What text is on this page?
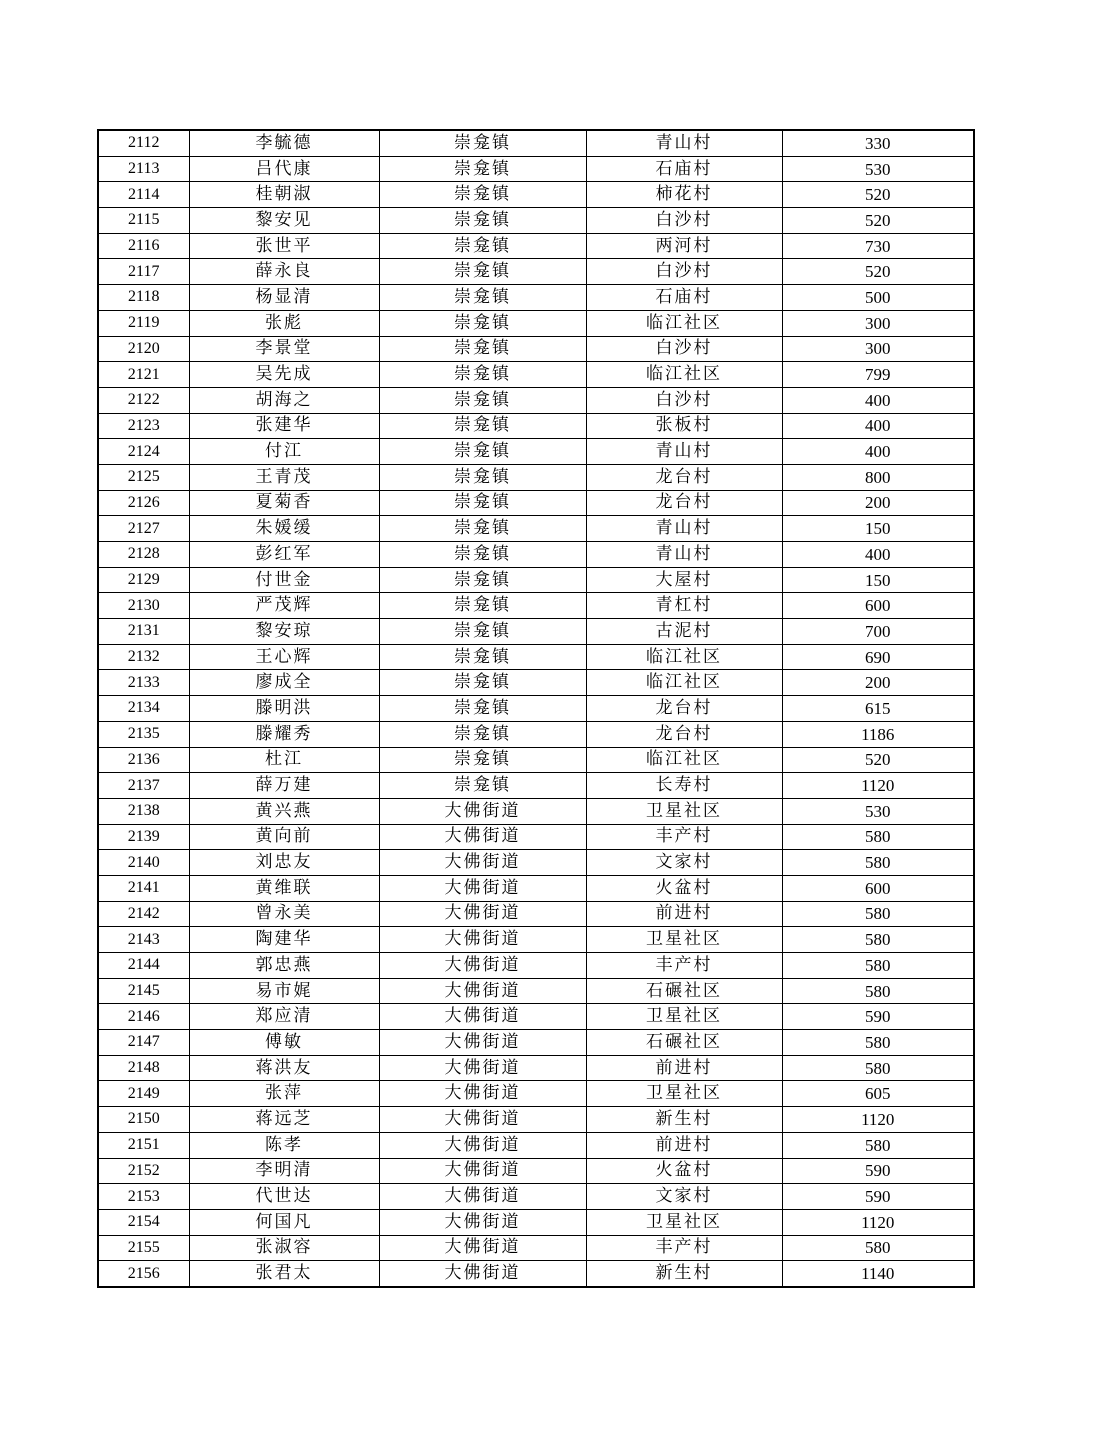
2112	李毓德	崇龛镇	青山村	330
2113	吕代康	崇龛镇	石庙村	530
2114	桂朝淑	崇龛镇	柿花村	520
2115	黎安见	崇龛镇	白沙村	520
2116	张世平	崇龛镇	两河村	730
2117	薛永良	崇龛镇	白沙村	520
2118	杨显清	崇龛镇	石庙村	500
2119	张彪	崇龛镇	临江社区	300
2120	李景堂	崇龛镇	白沙村	300
2121	吴先成	崇龛镇	临江社区	799
2122	胡海之	崇龛镇	白沙村	400
2123	张建华	崇龛镇	张板村	400
2124	付江	崇龛镇	青山村	400
2125	王青茂	崇龛镇	龙台村	800
2126	夏菊香	崇龛镇	龙台村	200
2127	朱媛缓	崇龛镇	青山村	150
2128	彭红军	崇龛镇	青山村	400
2129	付世金	崇龛镇	大屋村	150
2130	严茂辉	崇龛镇	青杠村	600
2131	黎安琼	崇龛镇	古泥村	700
2132	王心辉	崇龛镇	临江社区	690
2133	廖成全	崇龛镇	临江社区	200
2134	滕明洪	崇龛镇	龙台村	615
2135	滕耀秀	崇龛镇	龙台村	1186
2136	杜江	崇龛镇	临江社区	520
2137	薛万建	崇龛镇	长寿村	1120
2138	黄兴燕	大佛街道	卫星社区	530
2139	黄向前	大佛街道	丰产村	580
2140	刘忠友	大佛街道	文家村	580
2141	黄维联	大佛街道	火盆村	600
2142	曾永美	大佛街道	前进村	580
2143	陶建华	大佛街道	卫星社区	580
2144	郭忠燕	大佛街道	丰产村	580
2145	易市娓	大佛街道	石碾社区	580
2146	郑应清	大佛街道	卫星社区	590
2147	傅敏	大佛街道	石碾社区	580
2148	蒋洪友	大佛街道	前进村	580
2149	张萍	大佛街道	卫星社区	605
2150	蒋远芝	大佛街道	新生村	1120
2151	陈孝	大佛街道	前进村	580
2152	李明清	大佛街道	火盆村	590
2153	代世达	大佛街道	文家村	590
2154	何国凡	大佛街道	卫星社区	1120
2155	张淑容	大佛街道	丰产村	580
2156	张君太	大佛街道	新生村	1140
